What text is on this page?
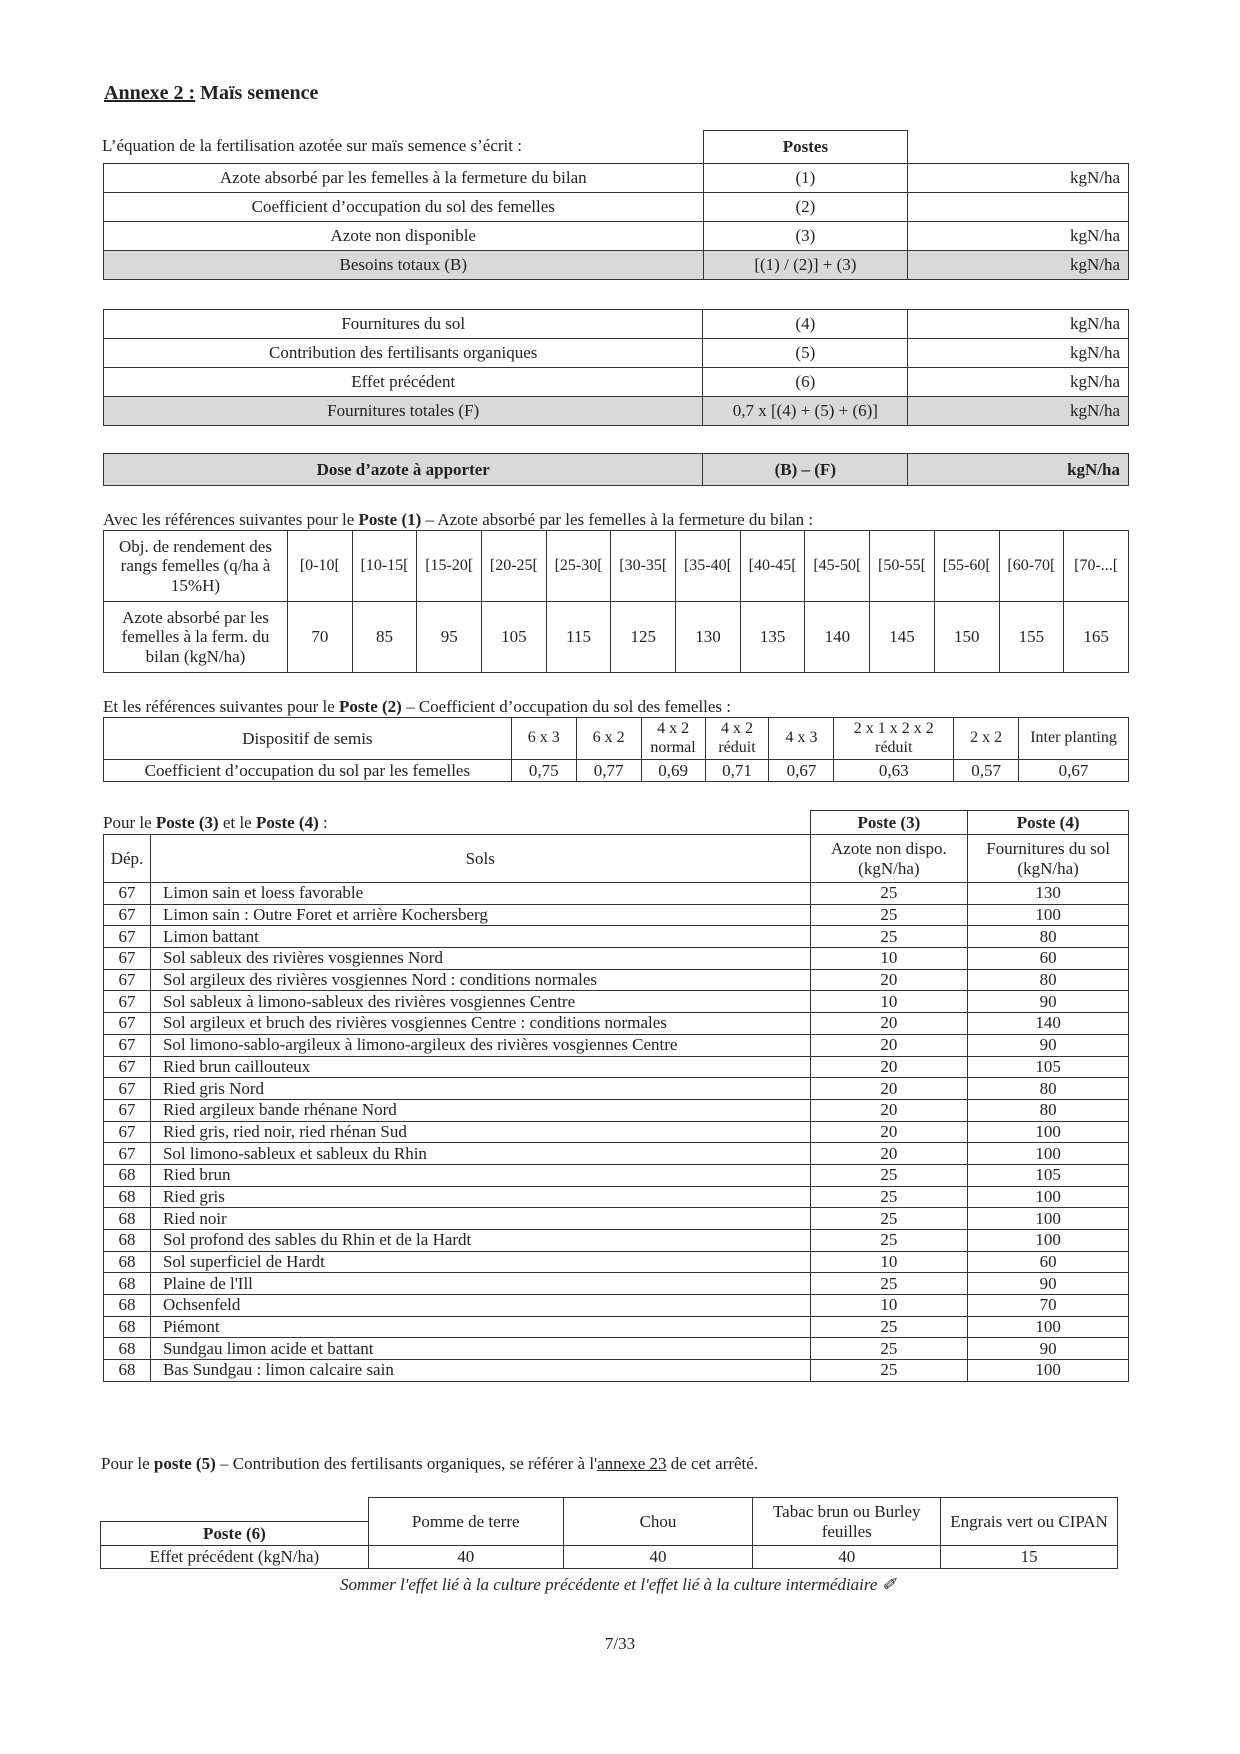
Annexe 2 : Maïs semence
L’équation de la fertilisation azotée sur maïs semence s’écrit :
		Postes	
Azote absorbé par les femelles à la fermeture du bilan	(1)	kgN/ha
Coefficient d’occupation du sol des femelles	(2)	
Azote non disponible	(3)	kgN/ha
Besoins totaux (B)	[(1) / (2)] + (3)	kgN/ha
Fournitures du sol	(4)	kgN/ha
Contribution des fertilisants organiques	(5)	kgN/ha
Effet précédent	(6)	kgN/ha
Fournitures totales (F)	0,7 x [(4) + (5) + (6)]	kgN/ha
Dose d’azote à apporter	(B) – (F)	kgN/ha
Avec les références suivantes pour le Poste (1) – Azote absorbé par les femelles à la fermeture du bilan :
Obj. de rendement des rangs femelles (q/ha à 15%H)	[0-10[	[10-15[	[15-20[	[20-25[	[25-30[	[30-35[	[35-40[	[40-45[	[45-50[	[50-55[	[55-60[	[60-70[	[70-...[
Azote absorbé par les femelles à la ferm. du bilan (kgN/ha)	70	85	95	105	115	125	130	135	140	145	150	155	165
Et les références suivantes pour le Poste (2) – Coefficient d’occupation du sol des femelles :
Dispositif de semis	6 x 3	6 x 2	4 x 2 normal	4 x 2 réduit	4 x 3	2 x 1 x 2 x 2 réduit	2 x 2	Inter planting
Coefficient d’occupation du sol par les femelles	0,75	0,77	0,69	0,71	0,67	0,63	0,57	0,67
Pour le Poste (3) et le Poste (4) :
			Poste (3)	Poste (4)
Dép.	Sols	Azote non dispo. (kgN/ha)	Fournitures du sol (kgN/ha)
67	Limon sain et loess favorable	25	130
67	Limon sain : Outre Foret et arrière Kochersberg	25	100
67	Limon battant	25	80
67	Sol sableux des rivières vosgiennes Nord	10	60
67	Sol argileux des rivières vosgiennes Nord : conditions normales	20	80
67	Sol sableux à limono-sableux des rivières vosgiennes Centre	10	90
67	Sol argileux et bruch des rivières vosgiennes Centre : conditions normales	20	140
67	Sol limono-sablo-argileux à limono-argileux des rivières vosgiennes Centre	20	90
67	Ried brun caillouteux	20	105
67	Ried gris Nord	20	80
67	Ried argileux bande rhénane Nord	20	80
67	Ried gris, ried noir, ried rhénan Sud	20	100
67	Sol limono-sableux et sableux du Rhin	20	100
68	Ried brun	25	105
68	Ried gris	25	100
68	Ried noir	25	100
68	Sol profond des sables du Rhin et de la Hardt	25	100
68	Sol superficiel de Hardt	10	60
68	Plaine de l'Ill	25	90
68	Ochsenfeld	10	70
68	Piémont	25	100
68	Sundgau limon acide et battant	25	90
68	Bas Sundgau : limon calcaire sain	25	100
Pour le poste (5) – Contribution des fertilisants organiques, se référer à l'annexe 23 de cet arrêté.
	Pomme de terre	Chou	Tabac brun ou Burley feuilles	Engrais vert ou CIPAN
Poste (6)				
Effet précédent (kgN/ha)	40	40	40	15
Sommer l'effet lié à la culture précédente et l'effet lié à la culture intermédiaire ✐
7/33
